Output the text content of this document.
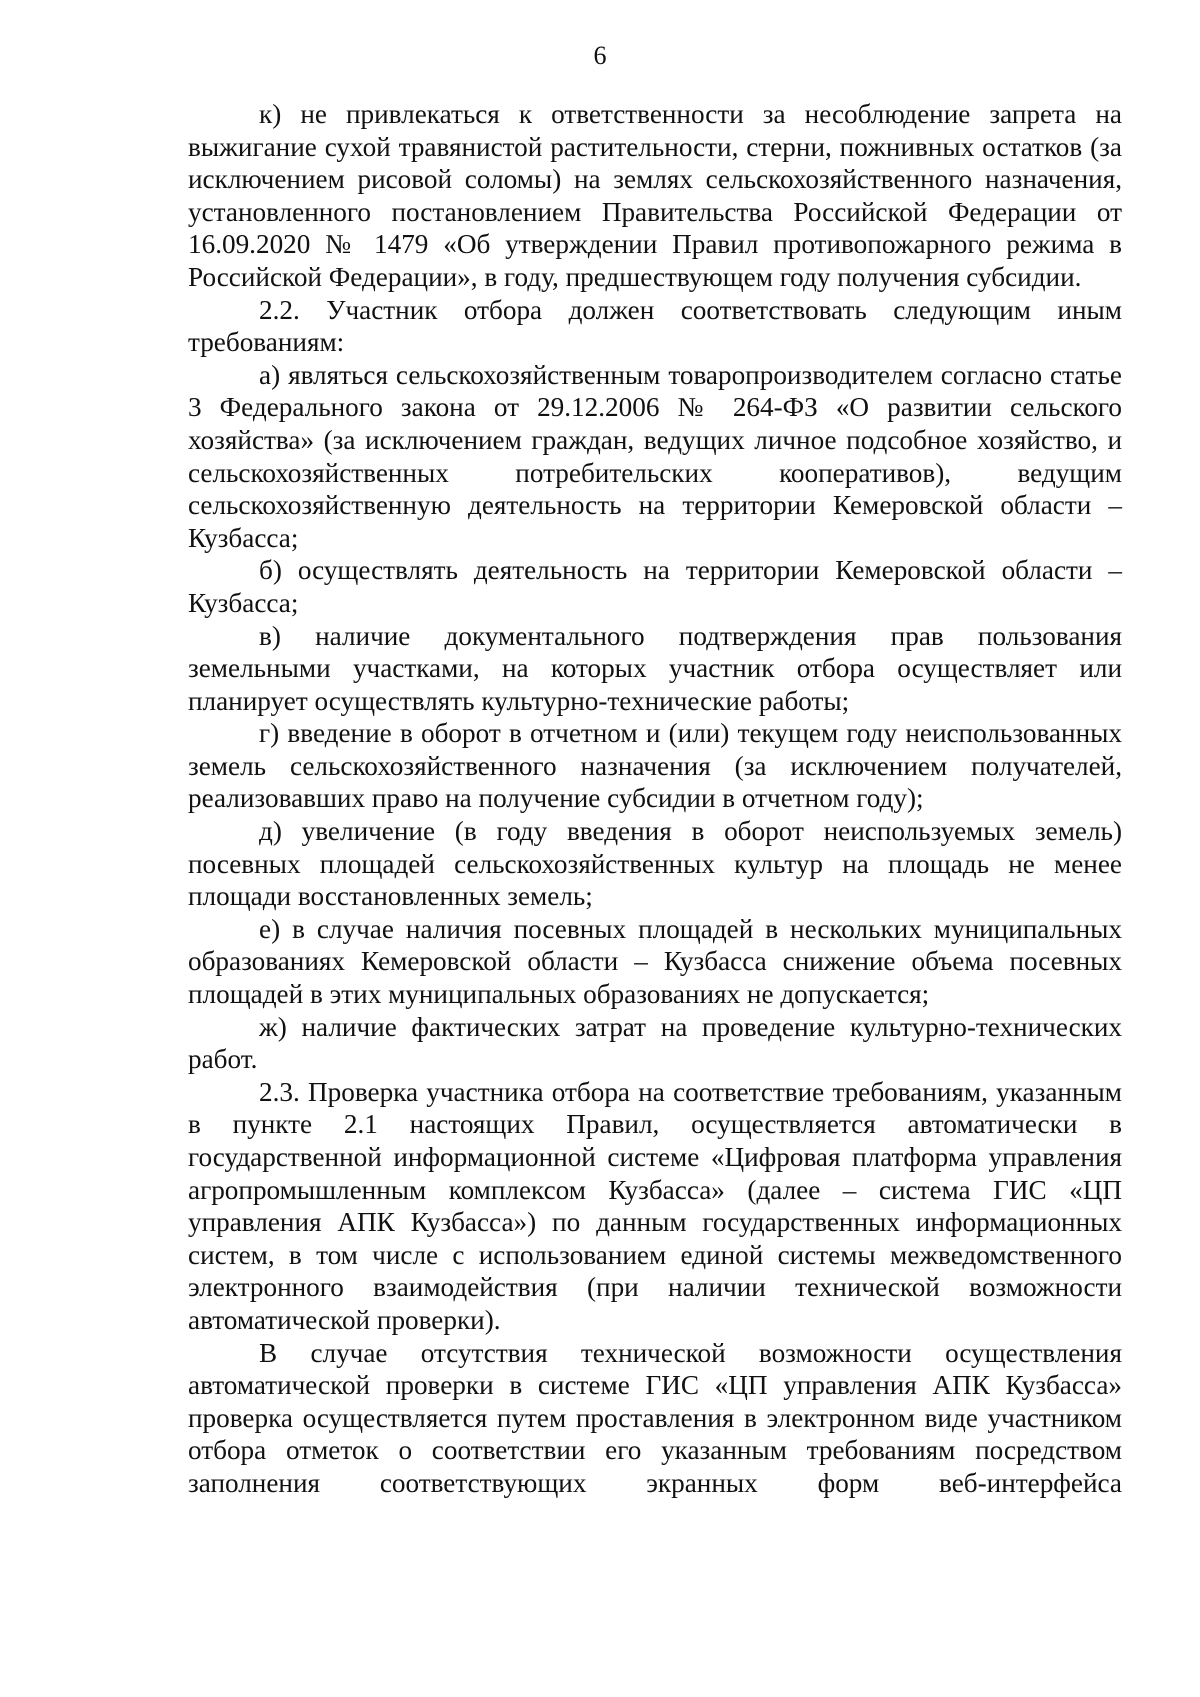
6

к) не привлекаться к ответственности за несоблюдение запрета на выжигание сухой травянистой растительности, стерни, пожнивных остатков (за исключением рисовой соломы) на землях сельскохозяйственного назначения, установленного постановлением Правительства Российской Федерации от 16.09.2020 № 1479 «Об утверждении Правил противопожарного режима в Российской Федерации», в году, предшествующем году получения субсидии.

2.2. Участник отбора должен соответствовать следующим иным требованиям:

а) являться сельскохозяйственным товаропроизводителем согласно статье 3 Федерального закона от 29.12.2006 № 264-ФЗ «О развитии сельского хозяйства» (за исключением граждан, ведущих личное подсобное хозяйство, и сельскохозяйственных потребительских кооперативов), ведущим сельскохозяйственную деятельность на территории Кемеровской области – Кузбасса;

б) осуществлять деятельность на территории Кемеровской области – Кузбасса;

в) наличие документального подтверждения прав пользования земельными участками, на которых участник отбора осуществляет или планирует осуществлять культурно-технические работы;

г) введение в оборот в отчетном и (или) текущем году неиспользованных земель сельскохозяйственного назначения (за исключением получателей, реализовавших право на получение субсидии в отчетном году);

д) увеличение (в году введения в оборот неиспользуемых земель) посевных площадей сельскохозяйственных культур на площадь не менее площади восстановленных земель;

е) в случае наличия посевных площадей в нескольких муниципальных образованиях Кемеровской области – Кузбасса снижение объема посевных площадей в этих муниципальных образованиях не допускается;

ж) наличие фактических затрат на проведение культурно-технических работ.

2.3. Проверка участника отбора на соответствие требованиям, указанным в пункте 2.1 настоящих Правил, осуществляется автоматически в государственной информационной системе «Цифровая платформа управления агропромышленным комплексом Кузбасса» (далее – система ГИС «ЦП управления АПК Кузбасса») по данным государственных информационных систем, в том числе с использованием единой системы межведомственного электронного взаимодействия (при наличии технической возможности автоматической проверки).

В случае отсутствия технической возможности осуществления автоматической проверки в системе ГИС «ЦП управления АПК Кузбасса» проверка осуществляется путем проставления в электронном виде участником отбора отметок о соответствии его указанным требованиям посредством заполнения соответствующих экранных форм веб-интерфейса
